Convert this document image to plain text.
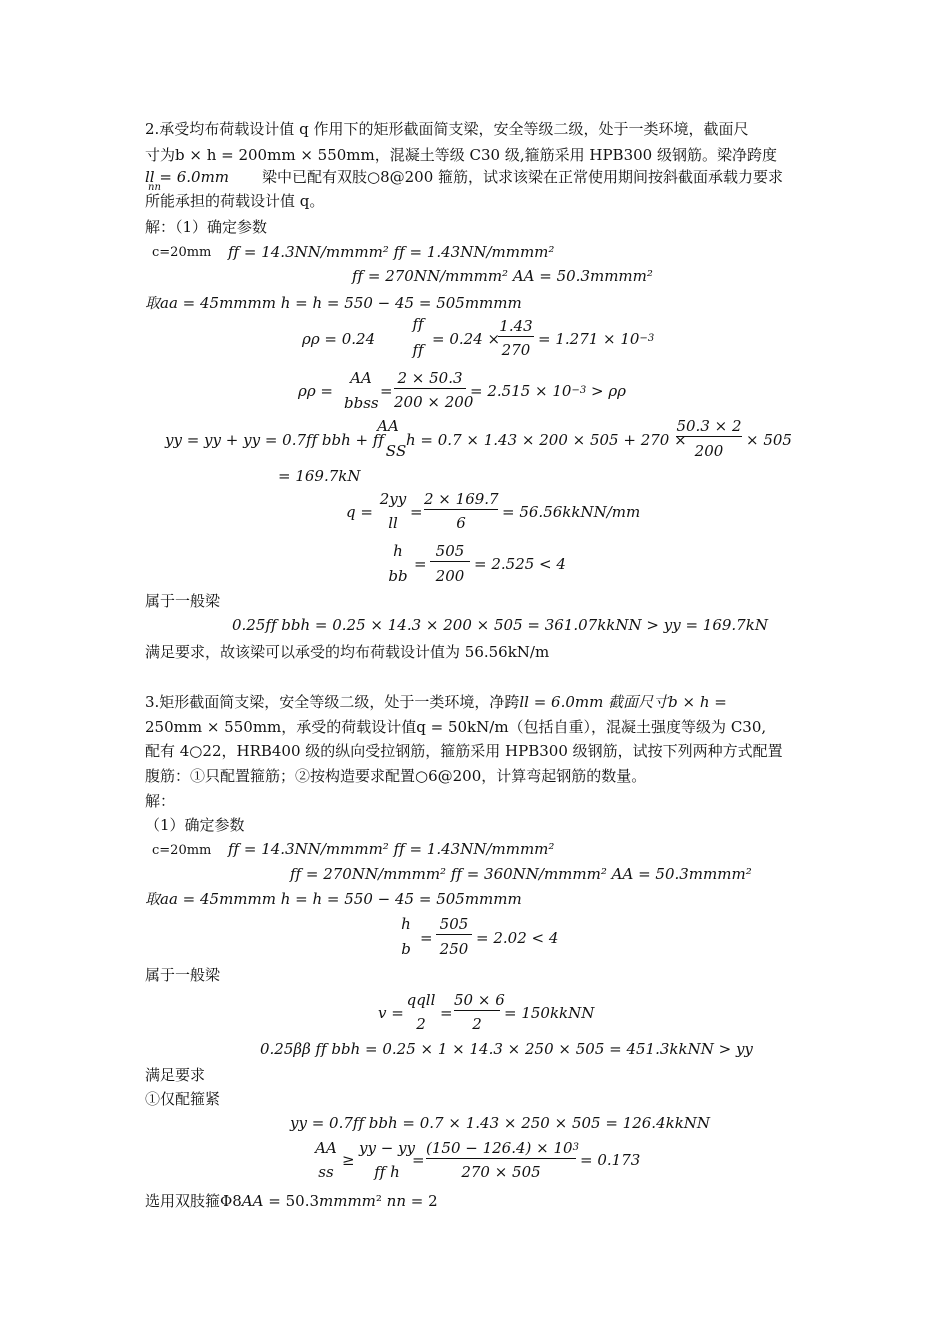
2.承受均布荷载设计值 q 作用下的矩形截面简支梁，安全等级二级，处于一类环境，截面尺
寸为b × h = 200mm × 550mm，混凝土等级 C30 级,箍筋采用 HPB300 级钢筋。梁净跨度
ll = 6.0𝑚𝑚
nn
梁中已配有双肢○8@200 箍筋，试求该梁在正常使用期间按斜截面承载力要求
所能承担的荷载设计值 q。
解：（1）确定参数
c=20mm 𝑓𝑓 = 14.3𝑁𝑁/𝑚𝑚𝑚𝑚² 𝑓𝑓 = 1.43𝑁𝑁/𝑚𝑚𝑚𝑚²
𝑓𝑓 = 270𝑁𝑁/𝑚𝑚𝑚𝑚² 𝐴𝐴 = 50.3𝑚𝑚𝑚𝑚²
取𝑎𝑎 = 45𝑚𝑚𝑚𝑚 ℎ = ℎ = 550 − 45 = 505𝑚𝑚𝑚𝑚
𝜌𝜌 = 0.24
𝑓𝑓
𝑓𝑓
= 0.24 ×
1.43
270
= $1.271 \times 10^{-3}$
𝜌𝜌 =
𝐴𝐴
𝑏𝑏𝑠𝑠
=
2 × 50.3
200 × 200
= $2.515 \times 10^{-3}$ > 𝜌𝜌
𝑦𝑦 = 𝑦𝑦 + 𝑦𝑦 = 0.7𝑓𝑓 𝑏𝑏ℎ + 𝑓𝑓
𝐴𝐴
𝑆𝑆
ℎ = 0.7 × 1.43 × 200 × 505 + 270 ×
50.3 × 2
200
× 505
= 169.7kN
q =
2𝑦𝑦
𝑙𝑙
=
2 × 169.7
6
= 56.56𝑘𝑘𝑁𝑁/𝑚𝑚
ℎ
𝑏𝑏
=
505
200
= 2.525 < 4
属于一般梁
0.25𝑓𝑓 𝑏𝑏ℎ = 0.25 × 14.3 × 200 × 505 = 361.07𝑘𝑘𝑁𝑁 > 𝑦𝑦 = 169.7kN
满足要求，故该梁可以承受的均布荷载设计值为 56.56kN/m
3.矩形截面简支梁，安全等级二级，处于一类环境，净跨ll = 6.0𝑚𝑚 截面尺寸b × h =
250mm × 550mm，承受的荷载设计值q = 50kN/m（包括自重），混凝土强度等级为 C30,
配有 4○22，HRB400 级的纵向受拉钢筋，箍筋采用 HPB300 级钢筋，试按下列两种方式配置
腹筋：①只配置箍筋；②按构造要求配置○6@200，计算弯起钢筋的数量。
解：
（1）确定参数
c=20mm 𝑓𝑓 = 14.3𝑁𝑁/𝑚𝑚𝑚𝑚² 𝑓𝑓 = 1.43𝑁𝑁/𝑚𝑚𝑚𝑚²
𝑓𝑓 = 270𝑁𝑁/𝑚𝑚𝑚𝑚² 𝑓𝑓 = 360𝑁𝑁/𝑚𝑚𝑚𝑚² 𝐴𝐴 = 50.3𝑚𝑚𝑚𝑚²
取𝑎𝑎 = 45𝑚𝑚𝑚𝑚 ℎ = ℎ = 550 − 45 = 505𝑚𝑚𝑚𝑚
ℎ
b
=
505
250
= 2.02 < 4
属于一般梁
v =
𝑞𝑞𝑙𝑙
2
=
50 × 6
2
= 150𝑘𝑘𝑁𝑁
0.25𝛽𝛽 𝑓𝑓 𝑏𝑏ℎ = 0.25 × 1 × 14.3 × 250 × 505 = 451.3𝑘𝑘𝑁𝑁 > 𝑦𝑦
满足要求
①仅配箍紧
𝑦𝑦 = 0.7𝑓𝑓 𝑏𝑏ℎ = 0.7 × 1.43 × 250 × 505 = 126.4𝑘𝑘𝑁𝑁
𝐴𝐴
𝑠𝑠
≥
𝑦𝑦 − 𝑦𝑦
𝑓𝑓 ℎ
=
$(150 - 126.4) \times 10^3$
270 × 505
= 0.173
选用双肢箍Φ8𝐴𝐴 = 50.3𝑚𝑚𝑚𝑚² 𝑛𝑛 = 2
